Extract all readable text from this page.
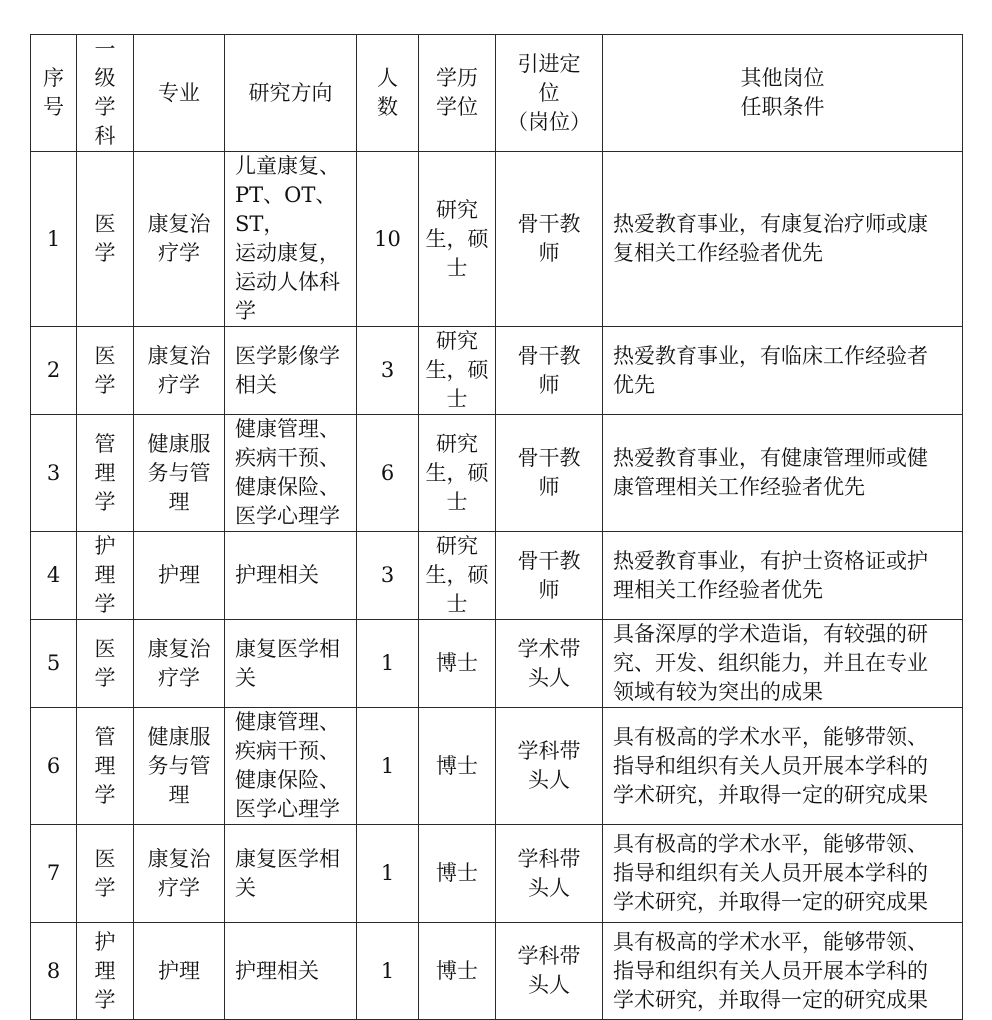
序
号	一
级
学
科	专业	研究方向	人
数	学历
学位	引进定
位
（岗位）	其他岗位
任职条件
1	医
学	康复治
疗学	儿童康复、
PT、OT、ST，
运动康复，
运动人体科
学	10	研究
生，硕
士	骨干教
师	热爱教育事业，有康复治疗师或康
复相关工作经验者优先
2	医
学	康复治
疗学	医学影像学
相关	3	研究
生，硕
士	骨干教
师	热爱教育事业，有临床工作经验者
优先
3	管
理
学	健康服
务与管
理	健康管理、
疾病干预、
健康保险、
医学心理学	6	研究
生，硕
士	骨干教
师	热爱教育事业，有健康管理师或健
康管理相关工作经验者优先
4	护
理
学	护理	护理相关	3	研究
生，硕
士	骨干教
师	热爱教育事业，有护士资格证或护
理相关工作经验者优先
5	医
学	康复治
疗学	康复医学相
关	1	博士	学术带
头人	具备深厚的学术造诣，有较强的研
究、开发、组织能力，并且在专业
领域有较为突出的成果
6	管
理
学	健康服
务与管
理	健康管理、
疾病干预、
健康保险、
医学心理学	1	博士	学科带
头人	具有极高的学术水平，能够带领、
指导和组织有关人员开展本学科的
学术研究，并取得一定的研究成果
7	医
学	康复治
疗学	康复医学相
关	1	博士	学科带
头人	具有极高的学术水平，能够带领、
指导和组织有关人员开展本学科的
学术研究，并取得一定的研究成果
8	护
理
学	护理	护理相关	1	博士	学科带
头人	具有极高的学术水平，能够带领、
指导和组织有关人员开展本学科的
学术研究，并取得一定的研究成果
